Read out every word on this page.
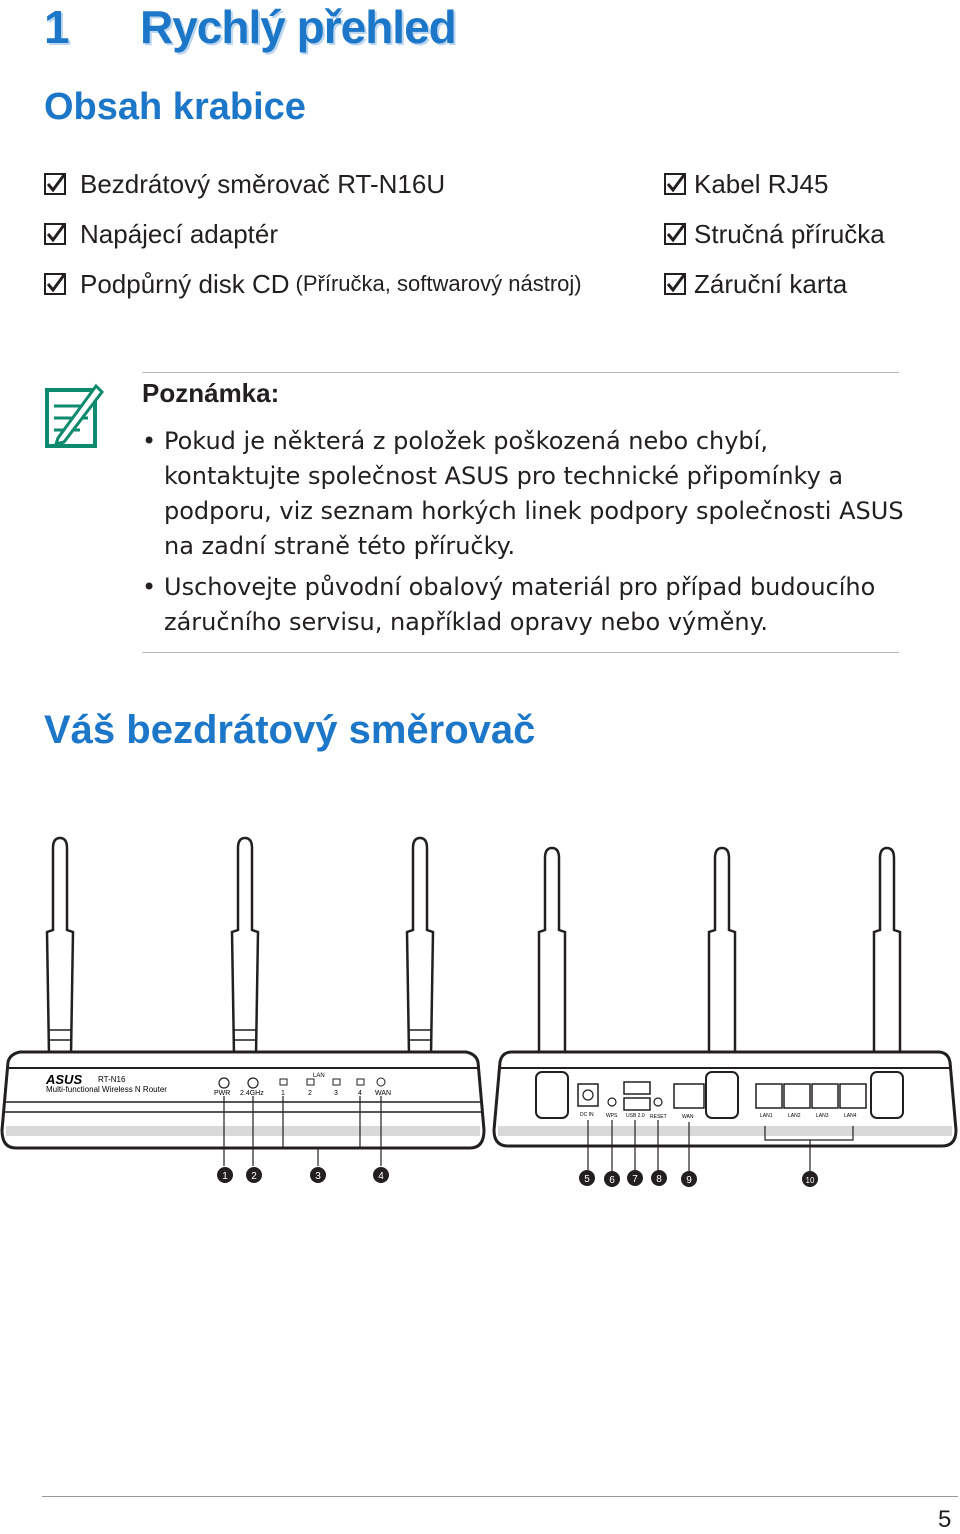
1 Rychlý přehled
Obsah krabice
Bezdrátový směrovač RT-N16U
Napájecí adaptér
Podpůrný disk CD (Příručka, softwarový nástroj)
Kabel RJ45
Stručná příručka
Záruční karta
Poznámka:
• Pokud je některá z položek poškozená nebo chybí, kontaktujte společnost ASUS pro technické připomínky a podporu, viz seznam horkých linek podpory společnosti ASUS na zadní straně této příručky.
• Uschovejte původní obalový materiál pro případ budoucího záručního servisu, například opravy nebo výměny.
Váš bezdrátový směrovač
ASUS RT-N16
Multi-functional Wireless N Router
LAN
PWR 2.4GHz 1	2	3	4 WAN
1 2	3	4
DC IN WPS USB 2.0 RESET	WAN	LAN1	LAN2	LAN3	LAN4
5 6 7 8 9	10
5
